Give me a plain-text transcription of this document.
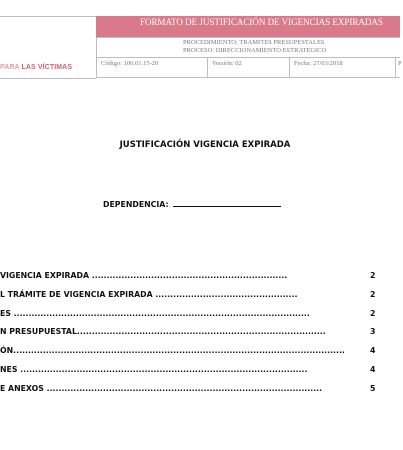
PARA LAS VÍCTIMAS
FORMATO DE JUSTIFICACIÓN DE VIGENCIAS EXPIRADAS
PROCEDIMIENTO: TRAMITES PRESUPESTALES
PROCESO: DIRECCIONAMIENTO ESTRATEGICO
Código: 100.01.15-20	Versión: 02	Fecha: 27/03/2018	P
JUSTIFICACIÓN VIGENCIA EXPIRADA
DEPENDENCIA:
VIGENCIA EXPIRADA ..................................................................	2
L TRÁMITE DE VIGENCIA EXPIRADA ................................................	2
ES ....................................................................................................	2
N PRESUPUESTAL....................................................................................	3
ÓN................................................................................................................	4
NES .................................................................................................	4
E ANEXOS .............................................................................................	5
